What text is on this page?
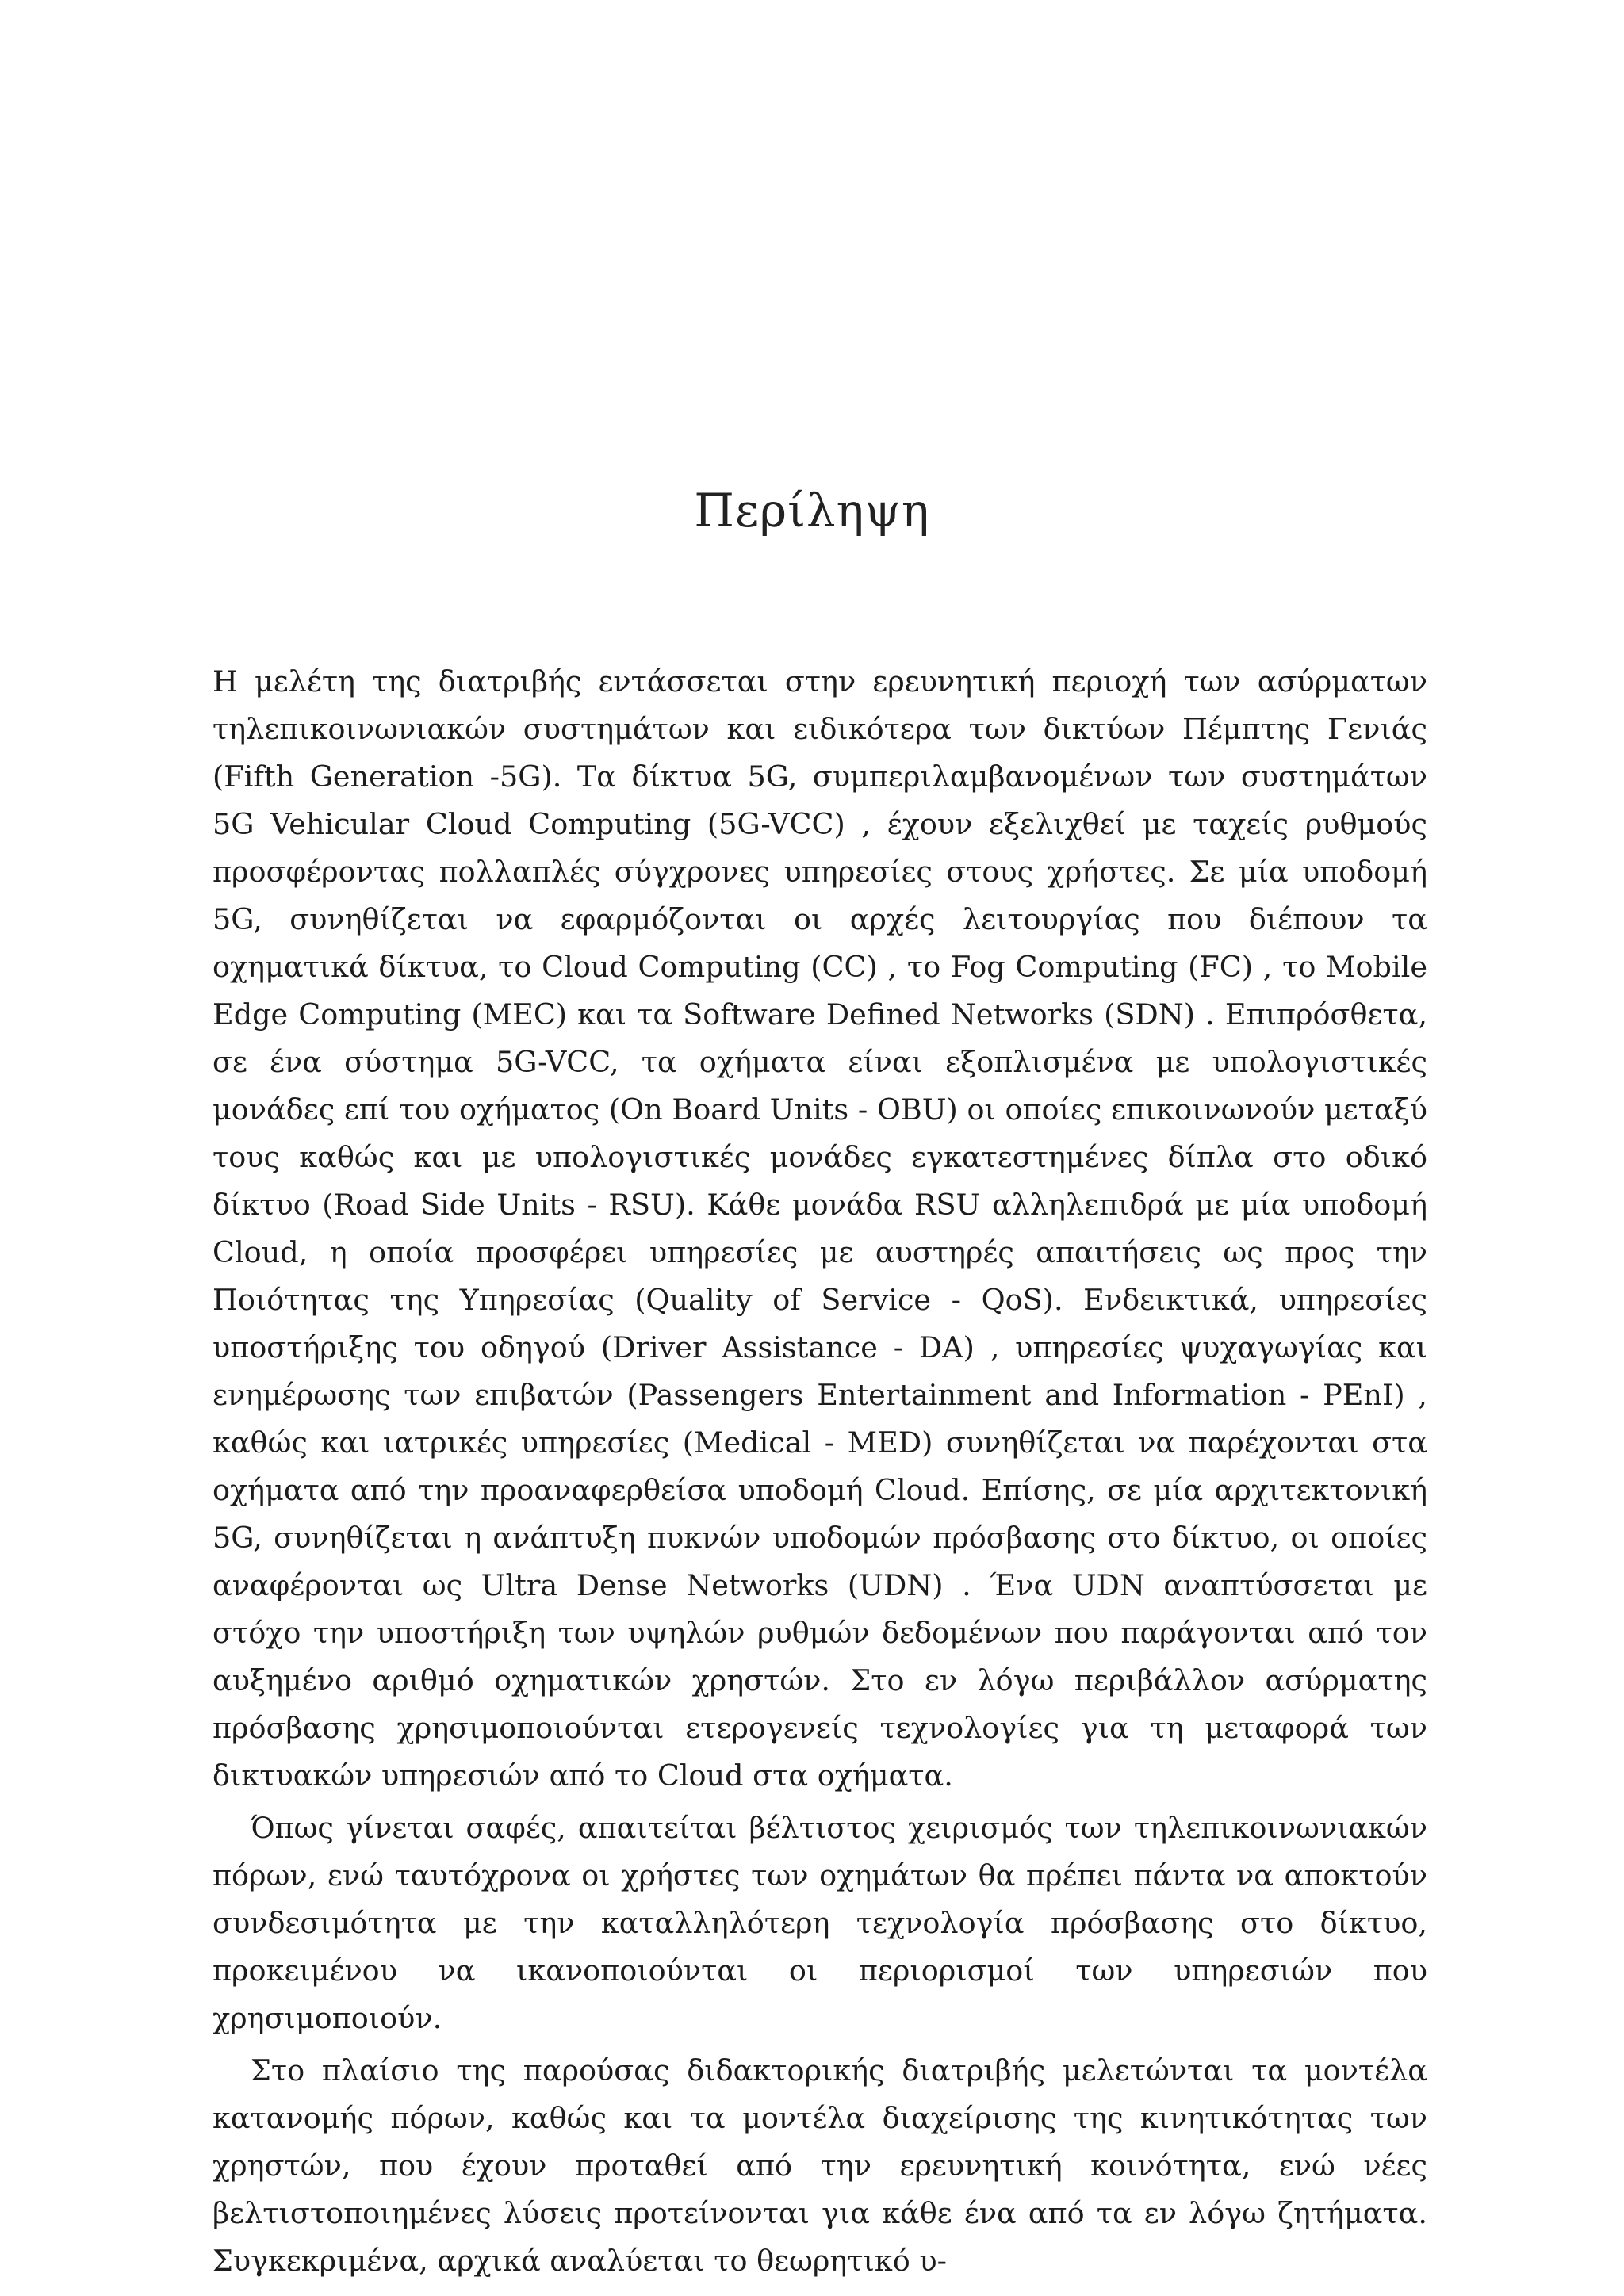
Περίληψη

Η μελέτη της διατριβής εντάσσεται στην ερευνητική περιοχή των ασύρματων τηλεπικοινωνιακών συστημάτων και ειδικότερα των δικτύων Πέμπτης Γενιάς (Fifth Generation -5G). Τα δίκτυα 5G, συμπεριλαμβανομένων των συστημάτων 5G Vehicular Cloud Computing (5G-VCC) , έχουν εξελιχθεί με ταχείς ρυθμούς προσφέροντας πολλαπλές σύγχρονες υπηρεσίες στους χρήστες. Σε μία υποδομή 5G, συνηθίζεται να εφαρμόζονται οι αρχές λειτουργίας που διέπουν τα οχηματικά δίκτυα, το Cloud Computing (CC) , το Fog Computing (FC) , το Mobile Edge Computing (MEC) και τα Software Defined Networks (SDN) . Επιπρόσθετα, σε ένα σύστημα 5G-VCC, τα οχήματα είναι εξοπλισμένα με υπολογιστικές μονάδες επί του οχήματος (On Board Units - OBU) οι οποίες επικοινωνούν μεταξύ τους καθώς και με υπολογιστικές μονάδες εγκατεστημένες δίπλα στο οδικό δίκτυο (Road Side Units - RSU). Κάθε μονάδα RSU αλληλεπιδρά με μία υποδομή Cloud, η οποία προσφέρει υπηρεσίες με αυστηρές απαιτήσεις ως προς την Ποιότητας της Υπηρεσίας (Quality of Service - QoS). Ενδεικτικά, υπηρεσίες υποστήριξης του οδηγού (Driver Assistance - DA) , υπηρεσίες ψυχαγωγίας και ενημέρωσης των επιβατών (Passengers Entertainment and Information - PEnI) , καθώς και ιατρικές υπηρεσίες (Medical - MED) συνηθίζεται να παρέχονται στα οχήματα από την προαναφερθείσα υποδομή Cloud. Επίσης, σε μία αρχιτεκτονική 5G, συνηθίζεται η ανάπτυξη πυκνών υποδομών πρόσβασης στο δίκτυο, οι οποίες αναφέρονται ως Ultra Dense Networks (UDN) . Ένα UDN αναπτύσσεται με στόχο την υποστήριξη των υψηλών ρυθμών δεδομένων που παράγονται από τον αυξημένο αριθμό οχηματικών χρηστών. Στο εν λόγω περιβάλλον ασύρματης πρόσβασης χρησιμοποιούνται ετερογενείς τεχνολογίες για τη μεταφορά των δικτυακών υπηρεσιών από το Cloud στα οχήματα.

Όπως γίνεται σαφές, απαιτείται βέλτιστος χειρισμός των τηλεπικοινωνιακών πόρων, ενώ ταυτόχρονα οι χρήστες των οχημάτων θα πρέπει πάντα να αποκτούν συνδεσιμότητα με την καταλληλότερη τεχνολογία πρόσβασης στο δίκτυο, προκειμένου να ικανοποιούνται οι περιορισμοί των υπηρεσιών που χρησιμοποιούν.

Στο πλαίσιο της παρούσας διδακτορικής διατριβής μελετώνται τα μοντέλα κατανομής πόρων, καθώς και τα μοντέλα διαχείρισης της κινητικότητας των χρηστών, που έχουν προταθεί από την ερευνητική κοινότητα, ενώ νέες βελτιστοποιημένες λύσεις προτείνονται για κάθε ένα από τα εν λόγω ζητήματα. Συγκεκριμένα, αρχικά αναλύεται το θεωρητικό υ-
